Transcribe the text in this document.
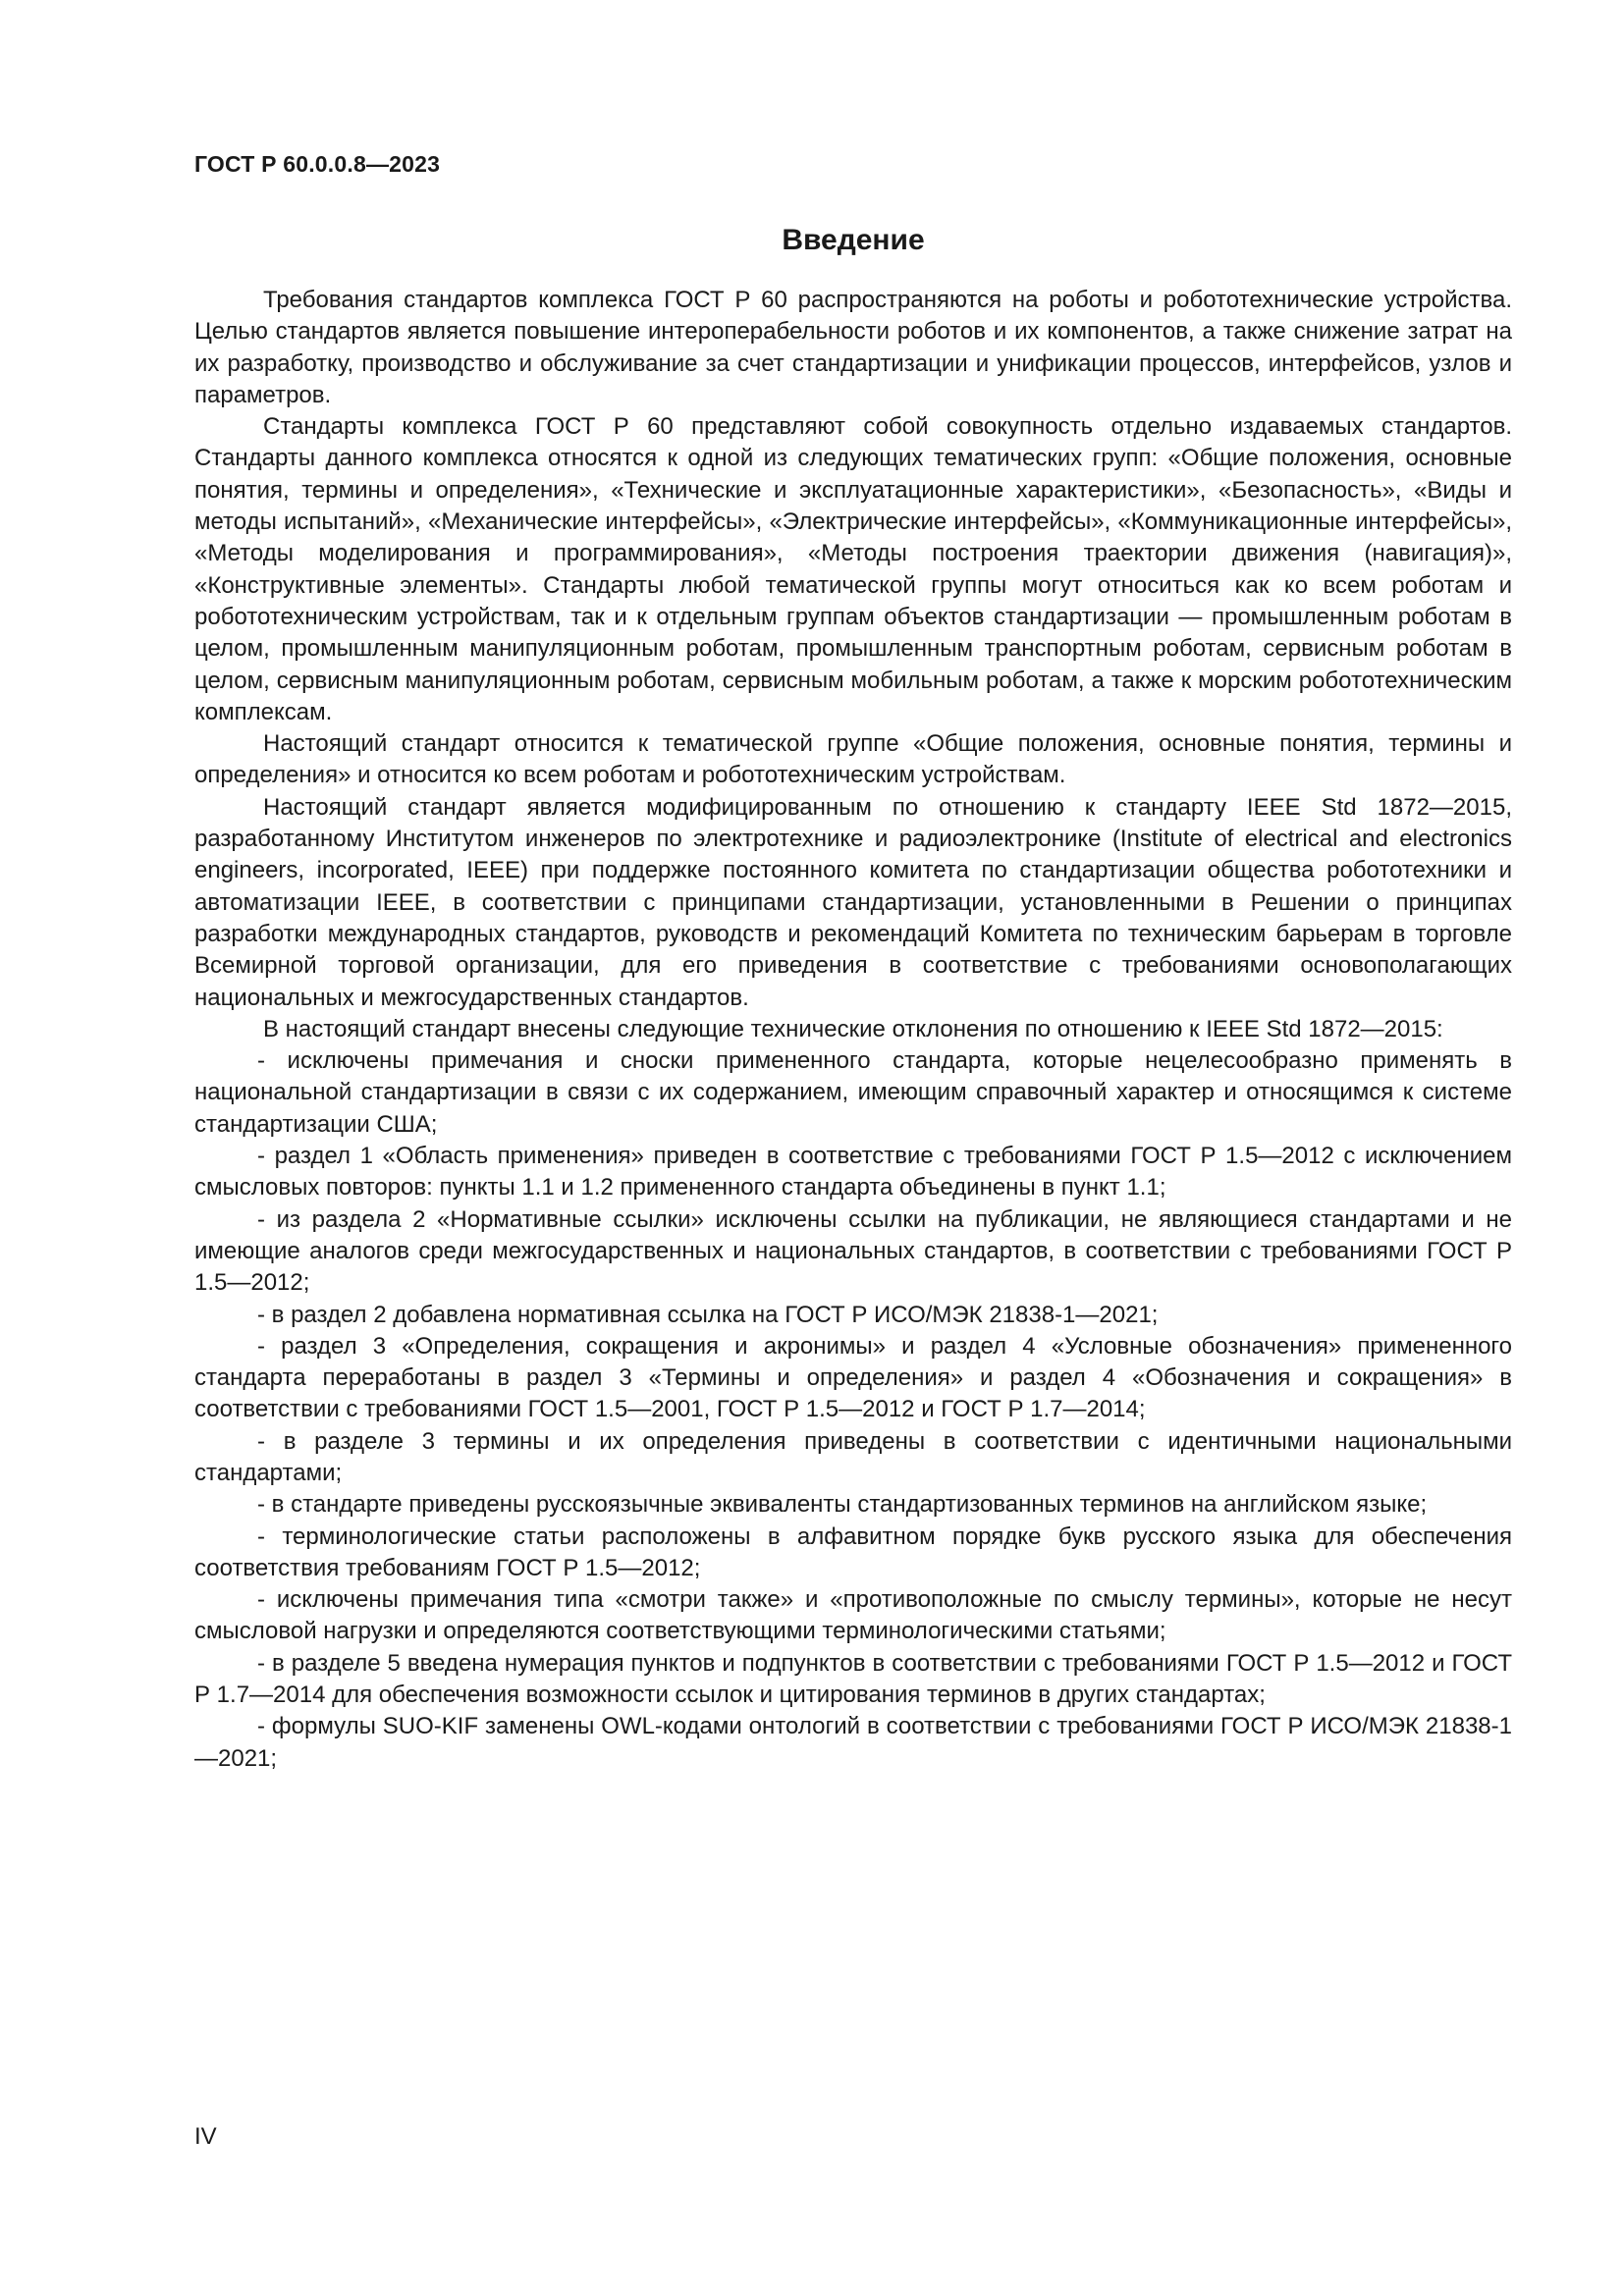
ГОСТ Р 60.0.0.8—2023
Введение

Требования стандартов комплекса ГОСТ Р 60 распространяются на роботы и робототехнические устройства. Целью стандартов является повышение интероперабельности роботов и их компонентов, а также снижение затрат на их разработку, производство и обслуживание за счет стандартизации и унификации процессов, интерфейсов, узлов и параметров.

Стандарты комплекса ГОСТ Р 60 представляют собой совокупность отдельно издаваемых стандартов. Стандарты данного комплекса относятся к одной из следующих тематических групп: «Общие положения, основные понятия, термины и определения», «Технические и эксплуатационные характеристики», «Безопасность», «Виды и методы испытаний», «Механические интерфейсы», «Электрические интерфейсы», «Коммуникационные интерфейсы», «Методы моделирования и программирования», «Методы построения траектории движения (навигация)», «Конструктивные элементы». Стандарты любой тематической группы могут относиться как ко всем роботам и робототехническим устройствам, так и к отдельным группам объектов стандартизации — промышленным роботам в целом, промышленным манипуляционным роботам, промышленным транспортным роботам, сервисным роботам в целом, сервисным манипуляционным роботам, сервисным мобильным роботам, а также к морским робототехническим комплексам.

Настоящий стандарт относится к тематической группе «Общие положения, основные понятия, термины и определения» и относится ко всем роботам и робототехническим устройствам.

Настоящий стандарт является модифицированным по отношению к стандарту IEEE Std 1872—2015, разработанному Институтом инженеров по электротехнике и радиоэлектронике (Institute of electrical and electronics engineers, incorporated, IEEE) при поддержке постоянного комитета по стандартизации общества робототехники и автоматизации IEEE, в соответствии с принципами стандартизации, установленными в Решении о принципах разработки международных стандартов, руководств и рекомендаций Комитета по техническим барьерам в торговле Всемирной торговой организации, для его приведения в соответствие с требованиями основополагающих национальных и межгосударственных стандартов.

В настоящий стандарт внесены следующие технические отклонения по отношению к IEEE Std 1872—2015:

- исключены примечания и сноски примененного стандарта, которые нецелесообразно применять в национальной стандартизации в связи с их содержанием, имеющим справочный характер и относящимся к системе стандартизации США;

- раздел 1 «Область применения» приведен в соответствие с требованиями ГОСТ Р 1.5—2012 с исключением смысловых повторов: пункты 1.1 и 1.2 примененного стандарта объединены в пункт 1.1;

- из раздела 2 «Нормативные ссылки» исключены ссылки на публикации, не являющиеся стандартами и не имеющие аналогов среди межгосударственных и национальных стандартов, в соответствии с требованиями ГОСТ Р 1.5—2012;

- в раздел 2 добавлена нормативная ссылка на ГОСТ Р ИСО/МЭК 21838-1—2021;

- раздел 3 «Определения, сокращения и акронимы» и раздел 4 «Условные обозначения» примененного стандарта переработаны в раздел 3 «Термины и определения» и раздел 4 «Обозначения и сокращения» в соответствии с требованиями ГОСТ 1.5—2001, ГОСТ Р 1.5—2012 и ГОСТ Р 1.7—2014;

- в разделе 3 термины и их определения приведены в соответствии с идентичными национальными стандартами;

- в стандарте приведены русскоязычные эквиваленты стандартизованных терминов на английском языке;

- терминологические статьи расположены в алфавитном порядке букв русского языка для обеспечения соответствия требованиям ГОСТ Р 1.5—2012;

- исключены примечания типа «смотри также» и «противоположные по смыслу термины», которые не несут смысловой нагрузки и определяются соответствующими терминологическими статьями;

- в разделе 5 введена нумерация пунктов и подпунктов в соответствии с требованиями ГОСТ Р 1.5—2012 и ГОСТ Р 1.7—2014 для обеспечения возможности ссылок и цитирования терминов в других стандартах;

- формулы SUO-KIF заменены OWL-кодами онтологий в соответствии с требованиями ГОСТ Р ИСО/МЭК 21838-1—2021;

IV
